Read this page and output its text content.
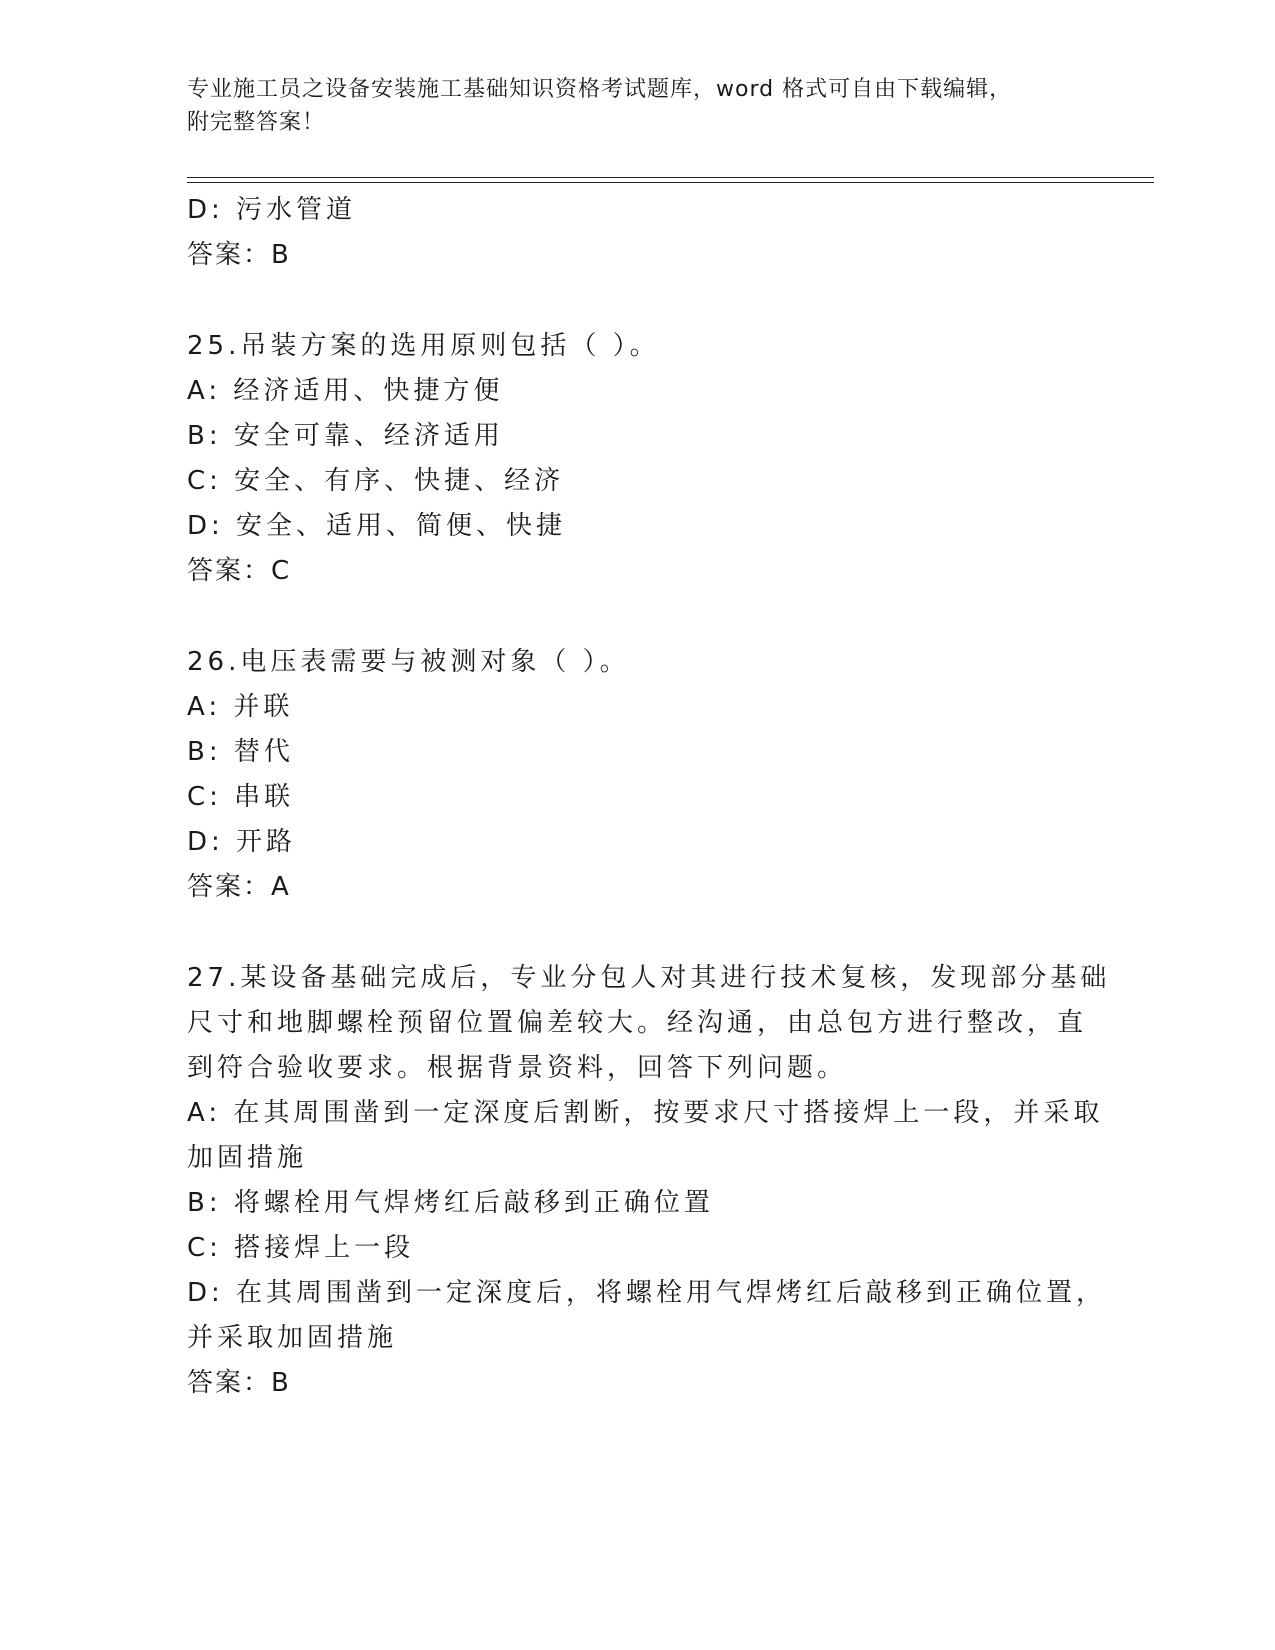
专业施工员之设备安装施工基础知识资格考试题库，word 格式可自由下载编辑，
附完整答案！
D: 污水管道
答案：B
25.吊装方案的选用原则包括（ ）。
A: 经济适用、快捷方便
B: 安全可靠、经济适用
C: 安全、有序、快捷、经济
D: 安全、适用、简便、快捷
答案：C
26.电压表需要与被测对象（ ）。
A: 并联
B: 替代
C: 串联
D: 开路
答案：A
27.某设备基础完成后，专业分包人对其进行技术复核，发现部分基础
尺寸和地脚螺栓预留位置偏差较大。经沟通，由总包方进行整改，直
到符合验收要求。根据背景资料，回答下列问题。
A: 在其周围凿到一定深度后割断，按要求尺寸搭接焊上一段，并采取
加固措施
B: 将螺栓用气焊烤红后敲移到正确位置
C: 搭接焊上一段
D: 在其周围凿到一定深度后，将螺栓用气焊烤红后敲移到正确位置，
并采取加固措施
答案：B
